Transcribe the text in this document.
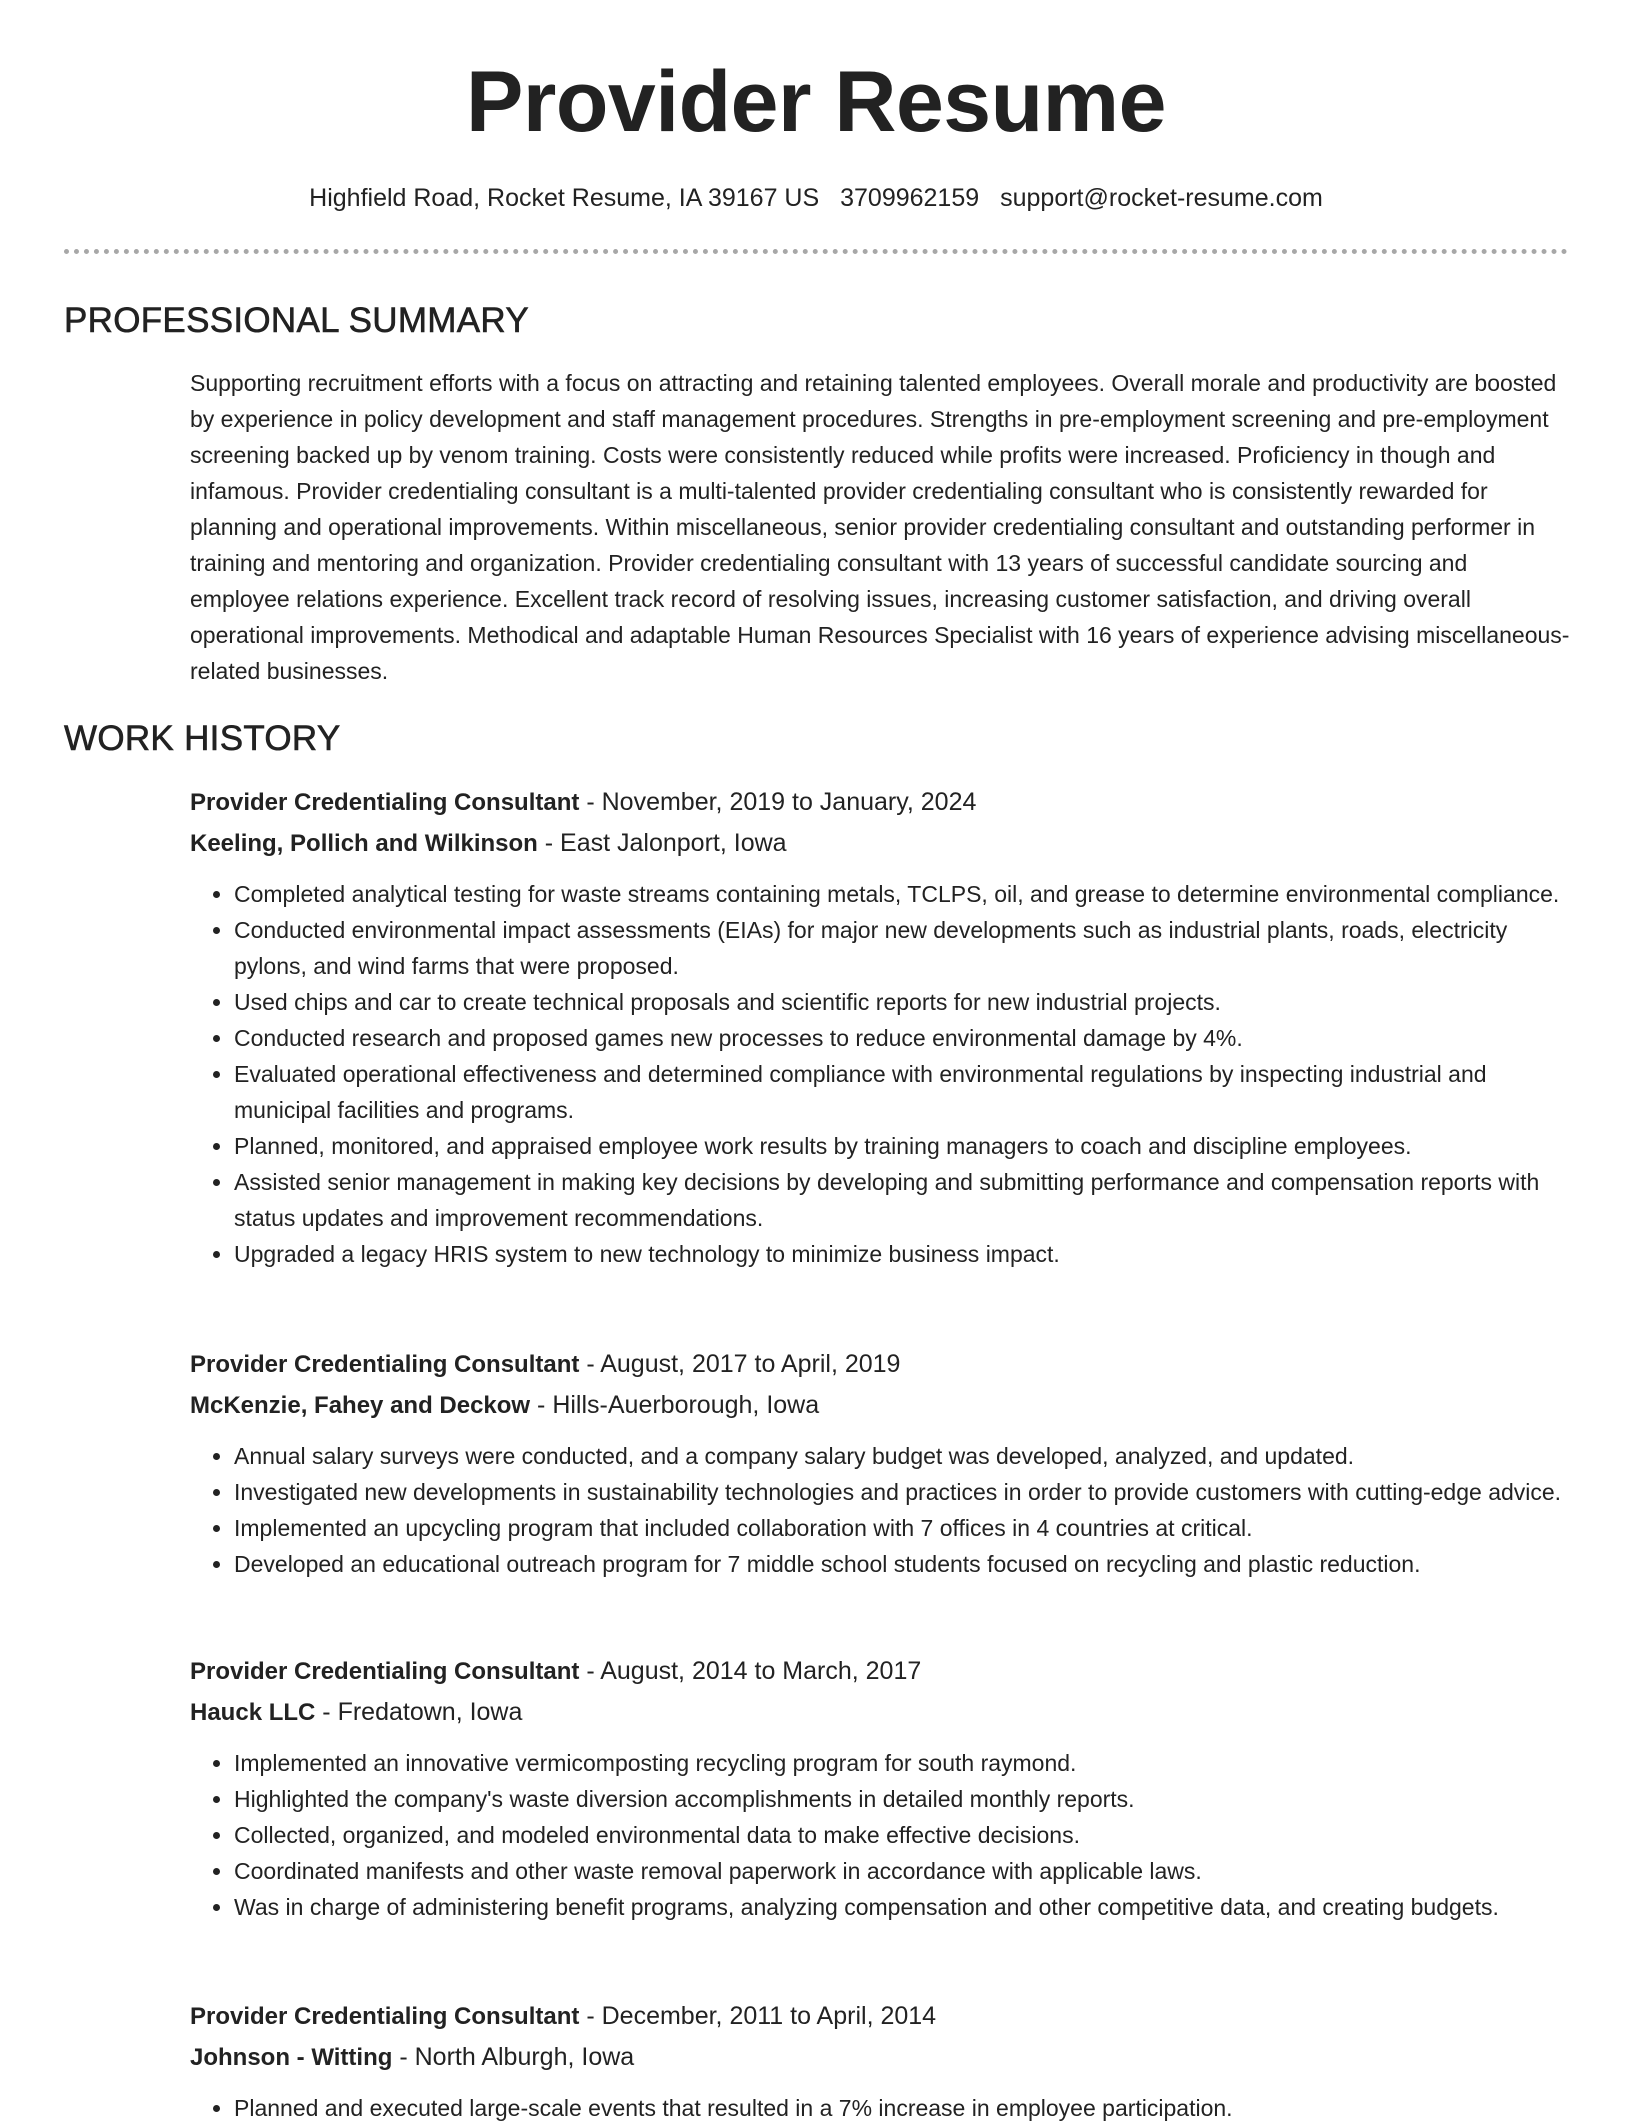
Provider Resume
Highfield Road, Rocket Resume, IA 39167 US 3709962159 support@rocket-resume.com
PROFESSIONAL SUMMARY

Supporting recruitment efforts with a focus on attracting and retaining talented employees. Overall morale and productivity are boosted by experience in policy development and staff management procedures. Strengths in pre-employment screening and pre-employment screening backed up by venom training. Costs were consistently reduced while profits were increased. Proficiency in though and infamous. Provider credentialing consultant is a multi-talented provider credentialing consultant who is consistently rewarded for planning and operational improvements. Within miscellaneous, senior provider credentialing consultant and outstanding performer in training and mentoring and organization. Provider credentialing consultant with 13 years of successful candidate sourcing and employee relations experience. Excellent track record of resolving issues, increasing customer satisfaction, and driving overall operational improvements. Methodical and adaptable Human Resources Specialist with 16 years of experience advising miscellaneous-related businesses.

WORK HISTORY
Provider Credentialing Consultant - November, 2019 to January, 2024
Keeling, Pollich and Wilkinson - East Jalonport, Iowa
• Completed analytical testing for waste streams containing metals, TCLPS, oil, and grease to determine environmental compliance.
• Conducted environmental impact assessments (EIAs) for major new developments such as industrial plants, roads, electricity pylons, and wind farms that were proposed.
• Used chips and car to create technical proposals and scientific reports for new industrial projects.
• Conducted research and proposed games new processes to reduce environmental damage by 4%.
• Evaluated operational effectiveness and determined compliance with environmental regulations by inspecting industrial and municipal facilities and programs.
• Planned, monitored, and appraised employee work results by training managers to coach and discipline employees.
• Assisted senior management in making key decisions by developing and submitting performance and compensation reports with status updates and improvement recommendations.
• Upgraded a legacy HRIS system to new technology to minimize business impact.
Provider Credentialing Consultant - August, 2017 to April, 2019
McKenzie, Fahey and Deckow - Hills-Auerborough, Iowa
• Annual salary surveys were conducted, and a company salary budget was developed, analyzed, and updated.
• Investigated new developments in sustainability technologies and practices in order to provide customers with cutting-edge advice.
• Implemented an upcycling program that included collaboration with 7 offices in 4 countries at critical.
• Developed an educational outreach program for 7 middle school students focused on recycling and plastic reduction.
Provider Credentialing Consultant - August, 2014 to March, 2017
Hauck LLC - Fredatown, Iowa
• Implemented an innovative vermicomposting recycling program for south raymond.
• Highlighted the company's waste diversion accomplishments in detailed monthly reports.
• Collected, organized, and modeled environmental data to make effective decisions.
• Coordinated manifests and other waste removal paperwork in accordance with applicable laws.
• Was in charge of administering benefit programs, analyzing compensation and other competitive data, and creating budgets.
Provider Credentialing Consultant - December, 2011 to April, 2014
Johnson - Witting - North Alburgh, Iowa
• Planned and executed large-scale events that resulted in a 7% increase in employee participation.
